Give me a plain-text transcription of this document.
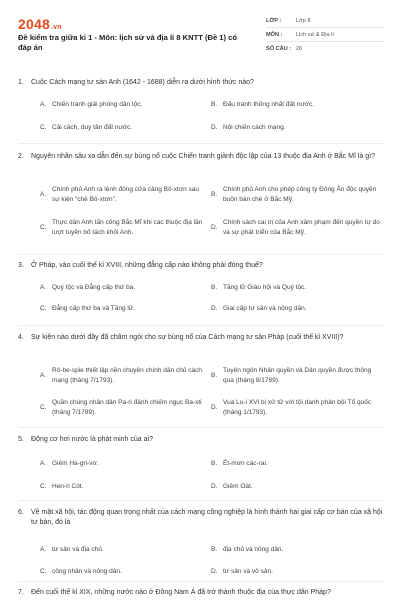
2048.vn
Đề kiểm tra giữa kì 1 - Môn: lịch sử và địa lí 8 KNTT (Đề 1) có đáp án
LỚP :	Lớp 8
MÔN :	Lịch sử & Địa lí
SỐ CÂU : 26
1.	Cuộc Cách mạng tư sản Anh (1642 - 1688) diễn ra dưới hình thức nào?
A. Chiến tranh giải phóng dân tộc.	B. Đấu tranh thống nhất đất nước.
C. Cải cách, duy tân đất nước.	D. Nội chiến cách mạng.
2.	Nguyên nhân sâu xa dẫn đến sự bùng nổ cuộc Chiến tranh giành độc lập của 13 thuộc địa Anh ở Bắc Mĩ là gì?
A.
Chính phủ Anh ra lệnh đóng cửa cảng Bô-xtơn sau sự kiện “chè Bô-xtơn”.
B.
Chính phủ Anh cho phép công ty Đông Ấn độc quyền buôn bán chè ở Bắc Mỹ.
C.
Thực dân Anh tấn công Bắc Mĩ khi các thuộc địa lần lượt tuyên bố tách khỏi Anh.
D.
Chính sách cai trị của Anh xâm phạm đến quyền tự do và sự phát triển của Bắc Mỹ.
3.	Ở Pháp, vào cuối thế kỉ XVIII, những đẳng cấp nào không phải đóng thuế?
A. Quý tộc và Đẳng cấp thứ ba.	B. Tăng lữ Giáo hội và Quý tộc.
C. Đẳng cấp thứ ba và Tăng lữ.	D. Giai cấp tư sản và nông dân.
4.	Sự kiện nào dưới đây đã châm ngòi cho sự bùng nổ của Cách mạng tư sản Pháp (cuối thế kỉ XVIII)?
A.
Rô-be-spie thiết lập nền chuyên chính dân chủ cách mạng (tháng 7/1793).
B.
Tuyên ngôn Nhân quyền và Dân quyền được thông qua (tháng 8/1789).
C.
Quần chúng nhân dân Pa-ri đánh chiếm ngục Ba-xti (tháng 7/1789).
D.
Vua Lu-i XVI bị xử tử với tội danh phản bội Tổ quốc (tháng 1/1793).
5.	Động cơ hơi nước là phát minh của ai?
A. Giêm Ha-gri-vơ.	B. Ét-mơn các-rai.
C. Hen-ri Cót.	D. Giêm Oát.
6.	Về mặt xã hội, tác động quan trọng nhất của cách mạng công nghiệp là hình thành hai giai cấp cơ bản của xã hội tư bản, đó là
A. tư sản và địa chủ.	B. địa chủ và nông dân.
C. công nhân và nông dân.	D. tư sản và vô sản.
7.	Đến cuối thế kỉ XIX, những nước nào ở Đông Nam Á đã trở thành thuộc địa của thực dân Pháp?
